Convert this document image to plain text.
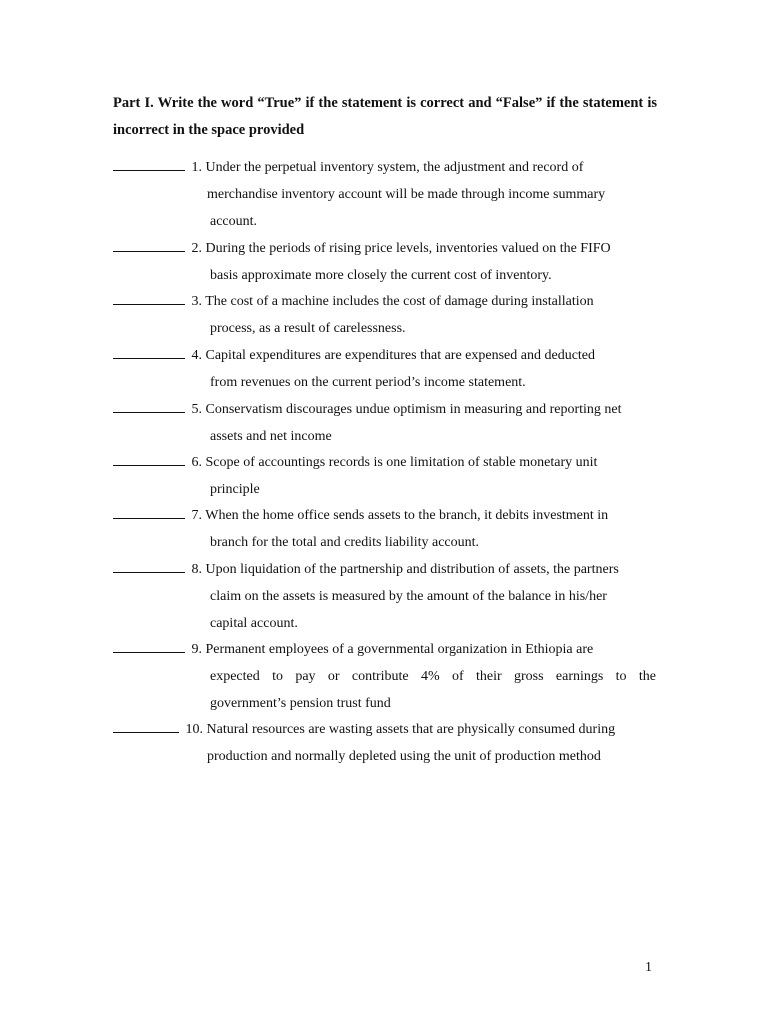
Part I. Write the word “True” if the statement is correct and “False” if the statement is incorrect in the space provided
1. Under the perpetual inventory system, the adjustment and record of
merchandise inventory account will be made through income summary
account.
2. During the periods of rising price levels, inventories valued on the FIFO
basis approximate more closely the current cost of inventory.
3. The cost of a machine includes the cost of damage during installation
process, as a result of carelessness.
4. Capital expenditures are expenditures that are expensed and deducted
from revenues on the current period’s income statement.
5. Conservatism discourages undue optimism in measuring and reporting net
assets and net income
6. Scope of accountings records is one limitation of stable monetary unit
principle
7. When the home office sends assets to the branch, it debits investment in
branch for the total and credits liability account.
8. Upon liquidation of the partnership and distribution of assets, the partners
claim on the assets is measured by the amount of the balance in his/her
capital account.
9. Permanent employees of a governmental organization in Ethiopia are
expected to pay or contribute 4% of their gross earnings to the
government’s pension trust fund
10. Natural resources are wasting assets that are physically consumed during
production and normally depleted using the unit of production method
1
